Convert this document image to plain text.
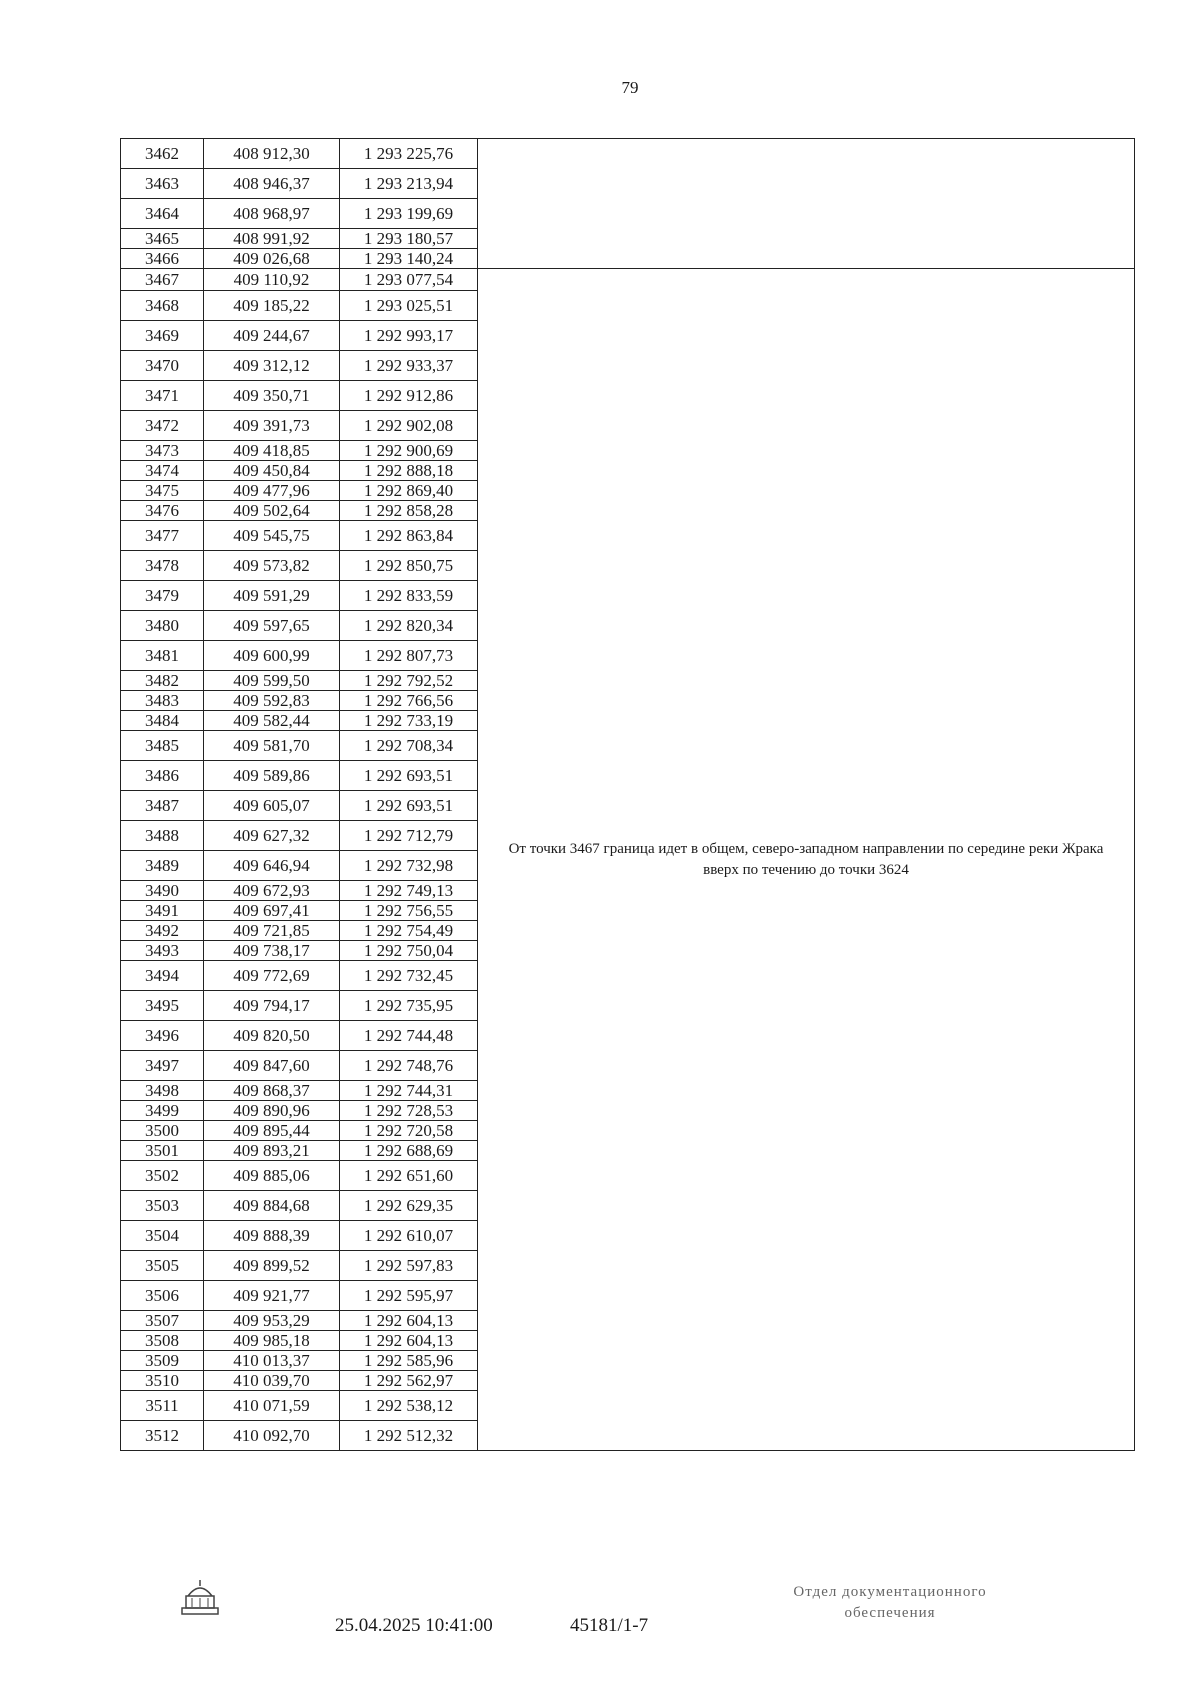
79
3462	408 912,30	1 293 225,76	
3463	408 946,37	1 293 213,94	
3464	408 968,97	1 293 199,69	
3465	408 991,92	1 293 180,57	
3466	409 026,68	1 293 140,24	
3467	409 110,92	1 293 077,54	От точки 3467 граница идет в общем, северо-западном направлении по середине реки Жрака вверх по течению до точки 3624
3468	409 185,22	1 293 025,51	
3469	409 244,67	1 292 993,17	
3470	409 312,12	1 292 933,37	
3471	409 350,71	1 292 912,86	
3472	409 391,73	1 292 902,08	
3473	409 418,85	1 292 900,69	
3474	409 450,84	1 292 888,18	
3475	409 477,96	1 292 869,40	
3476	409 502,64	1 292 858,28	
3477	409 545,75	1 292 863,84	
3478	409 573,82	1 292 850,75	
3479	409 591,29	1 292 833,59	
3480	409 597,65	1 292 820,34	
3481	409 600,99	1 292 807,73	
3482	409 599,50	1 292 792,52	
3483	409 592,83	1 292 766,56	
3484	409 582,44	1 292 733,19	
3485	409 581,70	1 292 708,34	
3486	409 589,86	1 292 693,51	
3487	409 605,07	1 292 693,51	
3488	409 627,32	1 292 712,79	
3489	409 646,94	1 292 732,98	
3490	409 672,93	1 292 749,13	
3491	409 697,41	1 292 756,55	
3492	409 721,85	1 292 754,49	
3493	409 738,17	1 292 750,04	
3494	409 772,69	1 292 732,45	
3495	409 794,17	1 292 735,95	
3496	409 820,50	1 292 744,48	
3497	409 847,60	1 292 748,76	
3498	409 868,37	1 292 744,31	
3499	409 890,96	1 292 728,53	
3500	409 895,44	1 292 720,58	
3501	409 893,21	1 292 688,69	
3502	409 885,06	1 292 651,60	
3503	409 884,68	1 292 629,35	
3504	409 888,39	1 292 610,07	
3505	409 899,52	1 292 597,83	
3506	409 921,77	1 292 595,97	
3507	409 953,29	1 292 604,13	
3508	409 985,18	1 292 604,13	
3509	410 013,37	1 292 585,96	
3510	410 039,70	1 292 562,97	
3511	410 071,59	1 292 538,12	
3512	410 092,70	1 292 512,32	
25.04.2025 10:41:00	45181/1-7
Отдел документационного
обеспечения
